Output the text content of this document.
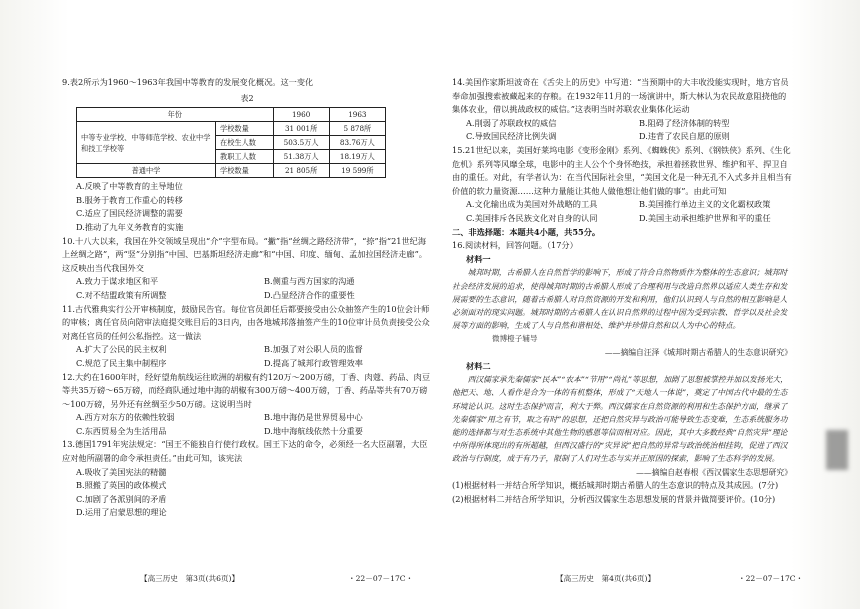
9.表2所示为1960～1963年我国中等教育的发展变化概况。这一变化

表2
年份		1960	1963
中等专业学校、中等师范学校、农业中学和技工学校等	学校数量	31 001所	5 878所
	在校生人数	503.5万人	83.76万人
	教职工人数	51.38万人	18.19万人
普通中学	学校数量	21 805所	19 599所
A.反映了中等教育的主导地位
B.服务于教育工作重心的转移
C.适应了国民经济调整的需要
D.推动了九年义务教育的实施

10.十八大以来，我国在外交领域呈现出“介”字型布局。“撇”指“丝绸之路经济带”，“捺”指“21世纪海上丝绸之路”，两“竖”分别指“中国、巴基斯坦经济走廊”和“中国、印度、缅甸、孟加拉国经济走廊”。这反映出当代我国外交

A.致力于谋求地区和平	B.侧重与西方国家的沟通
C.对不结盟政策有所调整	D.凸显经济合作的重要性

11.古代雅典实行公开审核制度，鼓励民告官。每位官员卸任后都要接受由公众抽签产生的10位会计师的审核；离任官员向陪审法庭提交账目后的3日内，由各地城邦落抽签产生的10位审计员负责接受公众对离任官员的任何公私指控。这一做法

A.扩大了公民的民主权利	B.加强了对公职人员的监督
C.规范了民主集中制程序	D.提高了城邦行政管理效率

12.大约在1600年时，经好望角航线运往欧洲的胡椒有约120万～200万磅，丁香、肉蔻、药品、肉豆等共35万磅～65万磅，而经商队通过地中海的胡椒有300万磅～400万磅，丁香、药品等共有70万磅～100万磅，另外还有丝绸至少50万磅。这说明当时

A.西方对东方的依赖性较弱	B.地中海仍是世界贸易中心
C.东西贸易全为生活用品	D.地中海航线依然十分重要

13.德国1791年宪法规定：“国王不能独自行使行政权。国王下达的命令，必须经一名大臣副署，大臣应对他所副署的命令承担责任。”由此可知，该宪法

A.吸收了美国宪法的精髓
B.照搬了英国的政体模式
C.加剧了各派别间的矛盾
D.运用了启蒙思想的理论

14.美国作家斯坦波奇在《舌尖上的历史》中写道：“当预期中的大丰收没能实现时，地方官员奉命加强搜索被藏起来的存粮。在1932年11月的一场演讲中，斯大林认为农民故意阻挠他的集体农业，借以挑战政权的威信。”这表明当时苏联农业集体化运动

A.削弱了苏联政权的威信	B.阻碍了经济体制的转型
C.导致国民经济比例失调	D.违背了农民自愿的原则

15.21世纪以来，美国好莱坞电影《变形金刚》系列、《蜘蛛侠》系列、《钢铁侠》系列、《生化危机》系列等风靡全球，电影中的主人公个个身怀绝技，承担着拯救世界、维护和平、捍卫自由的重任。对此，有学者认为：在当代国际社会里，“美国文化是一种无孔不入式多并且相当有价值的软力量资源……这种力量能让其他人做他想让他们做的事”。由此可知

A.文化输出成为美国对外战略的工具	B.美国推行单边主义的文化霸权政策
C.美国排斥各民族文化对自身的认同	D.美国主动承担维护世界和平的重任
二、非选择题：本题共4小题，共55分。
16.阅读材料，回答问题。（17分）
材料一
城邦时期，古希腊人在自然哲学的影响下，形成了符合自然物质作为整体的生态意识；城邦时社会经济发展的追求，使得城邦时期的古希腊人形成了合理利用与改造自然界以适应人类生存和发展需要的生态意识，随着古希腊人对自然资源的开发和利用，他们认识到人与自然的相互影响是人必须面对的现实问题。城邦时期的古希腊人在认识自然界的过程中因为受到宗教、哲学以及社会发展等方面的影响，生成了人与自然和谐相处、维护并珍惜自然和以人为中心的特点。
微博橙子辅导
——摘编自汪泽《城邦时期古希腊人的生态意识研究》
材料二
西汉儒家承先秦儒家“民本”“农本”“节用”“尚礼”等思想，加剧了思想被掌控并加以发扬光大，他把天、地、人看作是合为一体的有机整体，形成了“天地人一体说”，奠定了中国古代中最的生态环境论认识。这时生态保护而言，利大于弊。西汉儒家在自然资源的利用和生态保护方面，继承了先秦儒家“用之有节，取之有时”的思想，还把自然灾异与政治可能导致生态变难，生态系统服务功能的选择都与对生态系统中其他生物的感恩等信而相对应。因此，其中大多数经典“自然灾异”理论中所得所体现出的有所超越，但西汉盛行的“灾异说”把自然的异常与政治统治相挂钩，促进了西汉政治与行制度，成于有乃子，限制了人们对生态与实并正原因的探索，影响了生态科学的发展。
——摘编自赵春根《西汉儒家生态思想研究》
(1)根据材料一并结合所学知识，概括城邦时期古希腊人的生态意识的特点及其成因。(7分)
(2)根据材料二并结合所学知识，分析西汉儒家生态思想发展的背景并做简要评价。(10分)
【高三历史　第3页(共6页)】	・22－07－17C・	【高三历史　第4页(共6页)】	・22－07－17C・
